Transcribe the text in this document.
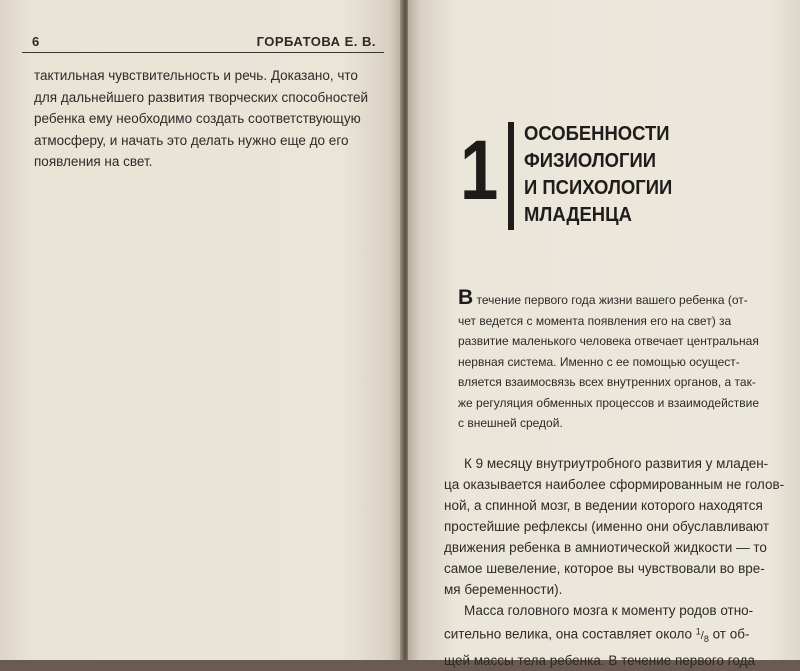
6	ГОРБАТОВА Е. В.

тактильная чувствительность и речь. Доказано, что
для дальнейшего развития творческих способностей
ребенка ему необходимо создать соответствующую
атмосферу, и начать это делать нужно еще до его
появления на свет.	1 ОСОБЕННОСТИ
ФИЗИОЛОГИИ
И ПСИХОЛОГИИ
МЛАДЕНЦА
В течение первого года жизни вашего ребенка (от-
чет ведется с момента появления его на свет) за
развитие маленького человека отвечает центральная
нервная система. Именно с ее помощью осущест-
вляется взаимосвязь всех внутренних органов, а так-
же регуляция обменных процессов и взаимодействие
с внешней средой.
К 9 месяцу внутриутробного развития у младен-
ца оказывается наиболее сформированным не голов-
ной, а спинной мозг, в ведении которого находятся
простейшие рефлексы (именно они обуславливают
движения ребенка в амниотической жидкости — то
самое шевеление, которое вы чувствовали во вре-
мя беременности).
Масса головного мозга к моменту родов отно-
сительно велика, она составляет около $^1/_8$ от об-
щей массы тела ребенка. В течение первого года
